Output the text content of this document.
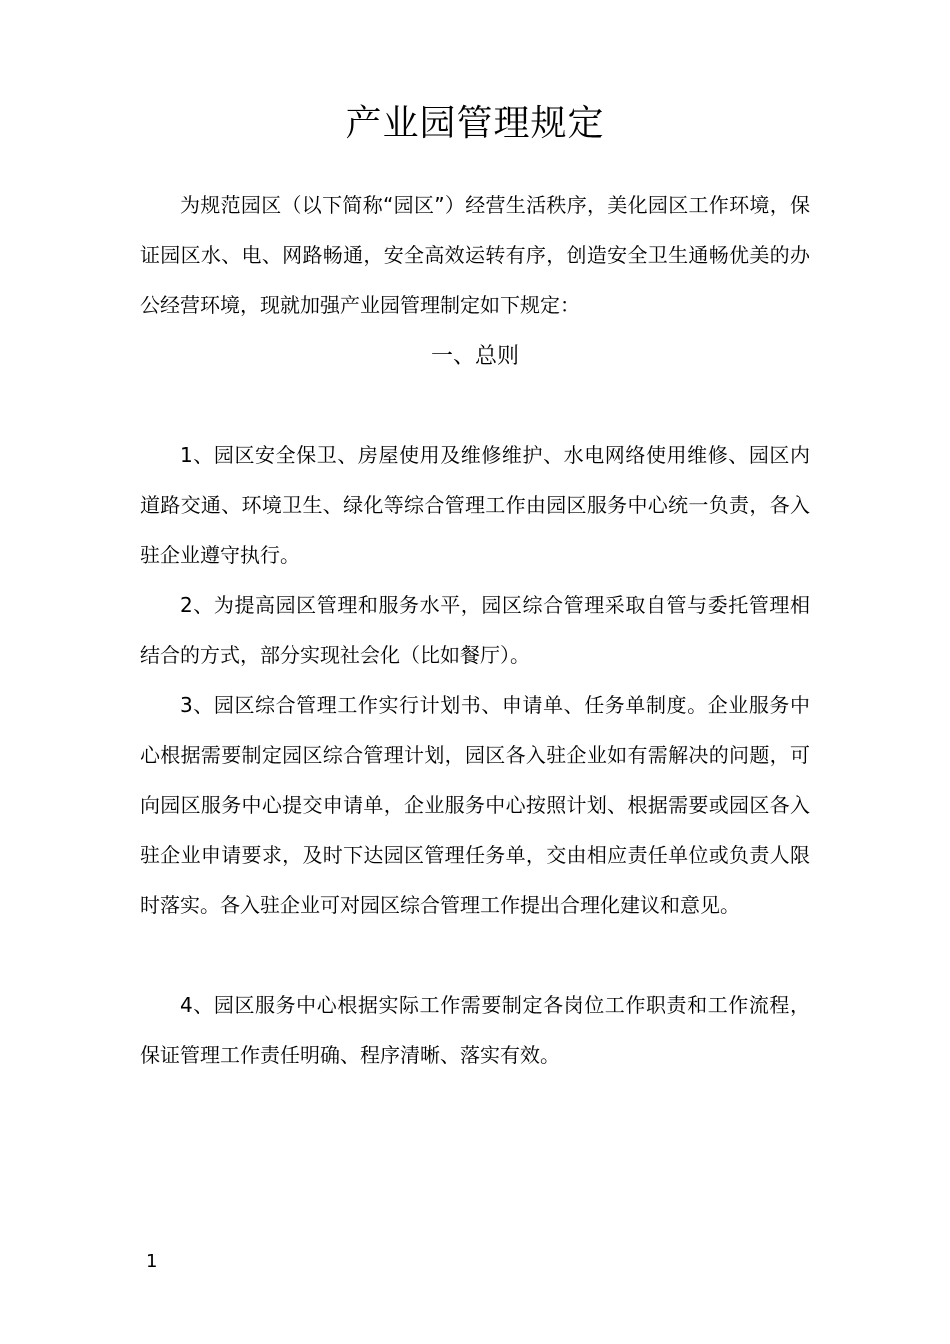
产业园管理规定

为规范园区（以下简称“园区”）经营生活秩序，美化园区工作环境，保证园区水、电、网路畅通，安全高效运转有序，创造安全卫生通畅优美的办公经营环境，现就加强产业园管理制定如下规定：

一、总则

1、园区安全保卫、房屋使用及维修维护、水电网络使用维修、园区内道路交通、环境卫生、绿化等综合管理工作由园区服务中心统一负责，各入驻企业遵守执行。

2、为提高园区管理和服务水平，园区综合管理采取自管与委托管理相结合的方式，部分实现社会化（比如餐厅）。

3、园区综合管理工作实行计划书、申请单、任务单制度。企业服务中心根据需要制定园区综合管理计划，园区各入驻企业如有需解决的问题，可向园区服务中心提交申请单，企业服务中心按照计划、根据需要或园区各入驻企业申请要求，及时下达园区管理任务单，交由相应责任单位或负责人限时落实。各入驻企业可对园区综合管理工作提出合理化建议和意见。

4、园区服务中心根据实际工作需要制定各岗位工作职责和工作流程，保证管理工作责任明确、程序清晰、落实有效。

1
